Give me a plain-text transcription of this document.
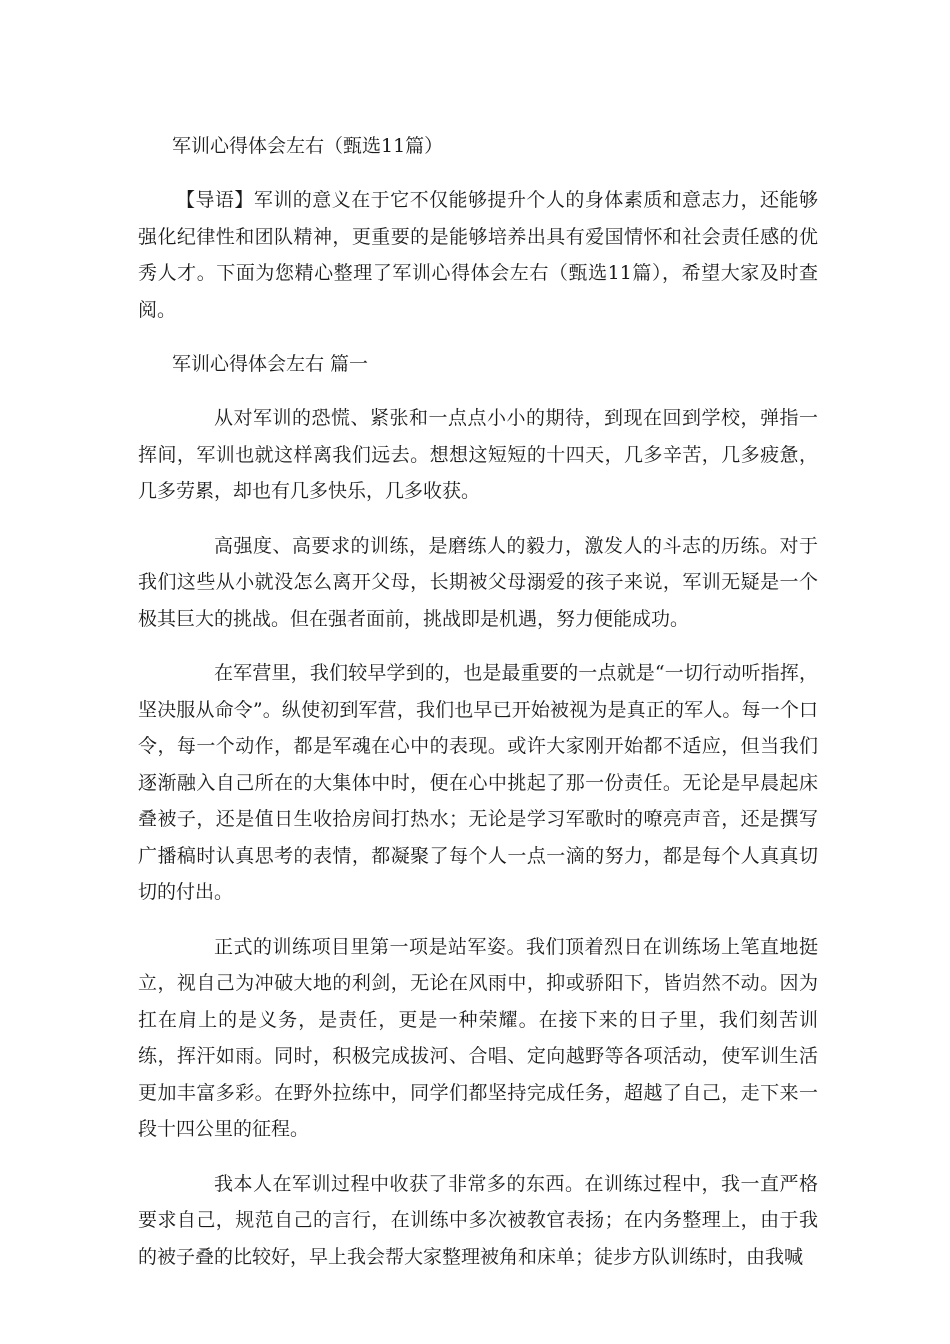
军训心得体会左右（甄选11篇）

【导语】军训的意义在于它不仅能够提升个人的身体素质和意志力，还能够强化纪律性和团队精神，更重要的是能够培养出具有爱国情怀和社会责任感的优秀人才。下面为您精心整理了军训心得体会左右（甄选11篇），希望大家及时查阅。

军训心得体会左右 篇一

从对军训的恐慌、紧张和一点点小小的期待，到现在回到学校，弹指一挥间，军训也就这样离我们远去。想想这短短的十四天，几多辛苦，几多疲惫，几多劳累，却也有几多快乐，几多收获。

高强度、高要求的训练，是磨练人的毅力，激发人的斗志的历练。对于我们这些从小就没怎么离开父母，长期被父母溺爱的孩子来说，军训无疑是一个极其巨大的挑战。但在强者面前，挑战即是机遇，努力便能成功。

在军营里，我们较早学到的，也是最重要的一点就是“一切行动听指挥，坚决服从命令”。纵使初到军营，我们也早已开始被视为是真正的军人。每一个口令，每一个动作，都是军魂在心中的表现。或许大家刚开始都不适应，但当我们逐渐融入自己所在的大集体中时，便在心中挑起了那一份责任。无论是早晨起床叠被子，还是值日生收拾房间打热水；无论是学习军歌时的嘹亮声音，还是撰写广播稿时认真思考的表情，都凝聚了每个人一点一滴的努力，都是每个人真真切切的付出。

正式的训练项目里第一项是站军姿。我们顶着烈日在训练场上笔直地挺立，视自己为冲破大地的利剑，无论在风雨中，抑或骄阳下，皆岿然不动。因为扛在肩上的是义务，是责任，更是一种荣耀。在接下来的日子里，我们刻苦训练，挥汗如雨。同时，积极完成拔河、合唱、定向越野等各项活动，使军训生活更加丰富多彩。在野外拉练中，同学们都坚持完成任务，超越了自己，走下来一段十四公里的征程。

我本人在军训过程中收获了非常多的东西。在训练过程中，我一直严格要求自己，规范自己的言行，在训练中多次被教官表扬；在内务整理上，由于我的被子叠的比较好，早上我会帮大家整理被角和床单；徒步方队训练时，由我喊
